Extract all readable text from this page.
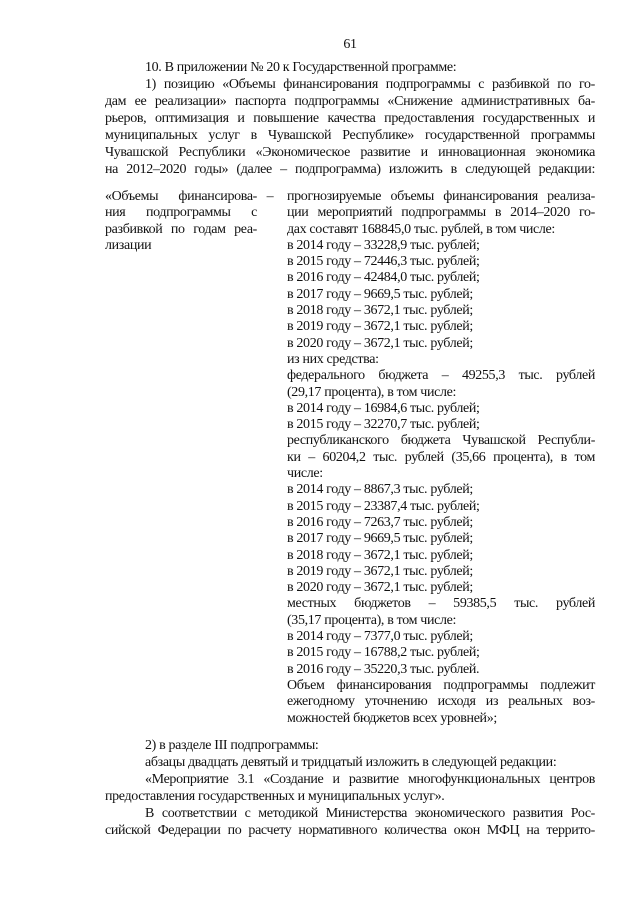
61
10. В приложении № 20 к Государственной программе:
1) позицию «Объемы финансирования подпрограммы с разбивкой по го-
дам ее реализации» паспорта подпрограммы «Снижение административных ба-
рьеров, оптимизация и повышение качества предоставления государственных и
муниципальных услуг в Чувашской Республике» государственной программы
Чувашской Республики «Экономическое развитие и инновационная экономика
на 2012–2020 годы» (далее – подпрограмма) изложить в следующей редакции:
«Объемы финансирова-
ния подпрограммы с
разбивкой по годам реа-
лизации
– прогнозируемые объемы финансирования реализа-
ции мероприятий подпрограммы в 2014–2020 го-
дах составят 168845,0 тыс. рублей, в том числе:
в 2014 году – 33228,9 тыс. рублей;
в 2015 году – 72446,3 тыс. рублей;
в 2016 году – 42484,0 тыс. рублей;
в 2017 году – 9669,5 тыс. рублей;
в 2018 году – 3672,1 тыс. рублей;
в 2019 году – 3672,1 тыс. рублей;
в 2020 году – 3672,1 тыс. рублей;
из них средства:
федерального бюджета – 49255,3 тыс. рублей
(29,17 процента), в том числе:
в 2014 году – 16984,6 тыс. рублей;
в 2015 году – 32270,7 тыс. рублей;
республиканского бюджета Чувашской Республи-
ки – 60204,2 тыс. рублей (35,66 процента), в том
числе:
в 2014 году – 8867,3 тыс. рублей;
в 2015 году – 23387,4 тыс. рублей;
в 2016 году – 7263,7 тыс. рублей;
в 2017 году – 9669,5 тыс. рублей;
в 2018 году – 3672,1 тыс. рублей;
в 2019 году – 3672,1 тыс. рублей;
в 2020 году – 3672,1 тыс. рублей;
местных бюджетов – 59385,5 тыс. рублей
(35,17 процента), в том числе:
в 2014 году – 7377,0 тыс. рублей;
в 2015 году – 16788,2 тыс. рублей;
в 2016 году – 35220,3 тыс. рублей.
Объем финансирования подпрограммы подлежит
ежегодному уточнению исходя из реальных воз-
можностей бюджетов всех уровней»;
2) в разделе III подпрограммы:
абзацы двадцать девятый и тридцатый изложить в следующей редакции:
«Мероприятие 3.1 «Создание и развитие многофункциональных центров
предоставления государственных и муниципальных услуг».
В соответствии с методикой Министерства экономического развития Рос-
сийской Федерации по расчету нормативного количества окон МФЦ на террито-
